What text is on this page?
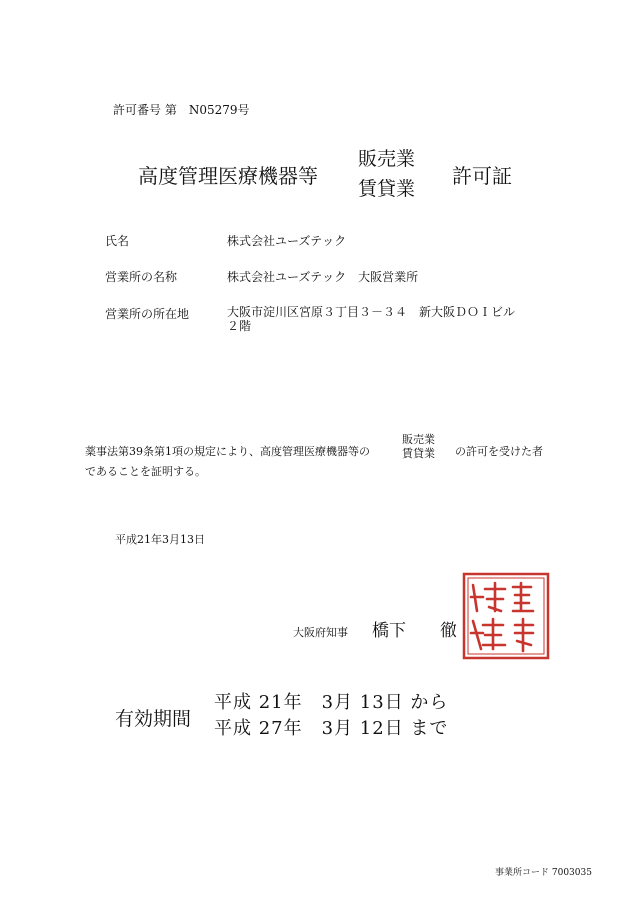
許可番号 第　N05279号
高度管理医療機器等
販売業
賃貸業
許可証
氏名	株式会社ユーズテック
営業所の名称	株式会社ユーズテック　大阪営業所
営業所の所在地	大阪市淀川区宮原３丁目３－３４　新大阪ＤＯＩビル
２階
薬事法第39条第1項の規定により、高度管理医療機器等の
販売業
賃貸業 の許可を受けた者
であることを証明する。
平成21年3月13日
大阪府知事 橋下　　徹
有効期間
平成 21年　3月 13日 から
平成 27年　3月 12日 まで
事業所コード 7003035
